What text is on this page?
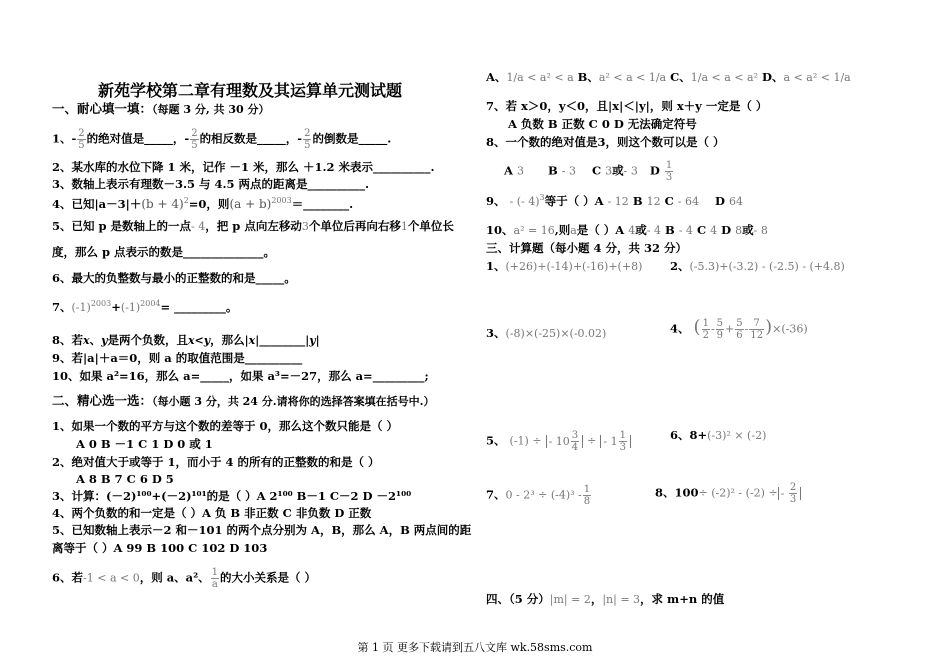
新苑学校第二章有理数及其运算单元测试题
一、耐心填一填：（每题 3 分, 共 30 分）
1、- $\frac{2}{5}$ 的绝对值是_____，- $\frac{2}{5}$ 的相反数是_____，- $\frac{2}{5}$ 的倒数是_____.
2、某水库的水位下降 1 米，记作 －1 米，那么 ＋1.2 米表示__________.
3、数轴上表示有理数－3.5 与 4.5 两点的距离是__________.
4、已知$|a-3|+(b + 4)^2=0$，则$(a + b)^{2003}=\_\_\_\_\_\_\_\_$.
5、已知 p 是数轴上的一点- 4，把 p 点向左移动3个单位后再向右移1个单位长
度，那么 p 点表示的数是______________。
6、最大的负整数与最小的正整数的和是_____。
7、$(-1)^{2003}+(-1)^{2004}=$ _________。
8、若x、y是两个负数，且x<y，那么|x|________|y|
9、若|a|＋a＝0，则 a 的取值范围是__________
10、如果 a²=16，那么 a=_____，如果 a³=－27，那么 a=_________;
二、精心选一选：（每小题 3 分，共 24 分.请将你的选择答案填在括号中.）
1、如果一个数的平方与这个数的差等于 0，那么这个数只能是（ ）
A 0 B －1 C 1 D 0 或 1
2、绝对值大于或等于 1，而小于 4 的所有的正整数的和是（ ）
A 8 B 7 C 6 D 5
3、计算：(－2)¹⁰⁰+(－2)¹⁰¹的是（ ）A 2¹⁰⁰ B－1 C－2 D －2¹⁰⁰
4、两个负数的和一定是（ ）A 负 B 非正数 C 非负数 D 正数
5、已知数轴上表示－2 和－101 的两个点分别为 A，B，那么 A，B 两点间的距
离等于（ ）A 99 B 100 C 102 D 103
6、若-1 < a < 0，则 a、a²、 $\frac{1}{a}$ 的大小关系是（ ）
A、1/a < a² < a B、a² < a < 1/a C、1/a < a < a² D、a < a² < 1/a
7、若 x＞0，y＜0，且|x|＜|y|，则 x＋y 一定是（ ）
A 负数 B 正数 C 0 D 无法确定符号
8、一个数的绝对值是3，则这个数可以是（ ）
A 3 B - 3 C 3或- 3 D $\frac{1}{3}$
9、 - (- 4)$^3$等于（ ）A - 12 B 12 C - 64 D 64
10、a² = 16,则a是（ ）A 4或- 4 B - 4 C 4 D 8或- 8
三、计算题（每小题 4 分，共 32 分）
1、(+26)+(-14)+(-16)+(+8) 2、(-5.3)+(-3.2) - (-2.5) - (+4.8)
3、(-8)×(-25)×(-0.02)	4、 ( $\frac{1}{2} - \frac{5}{9} + \frac{5}{6} - \frac{7}{12} )\times(-36)$
5、 (-1) ÷ - $10 \frac{3}{4}$ ÷ - $1 \frac{1}{3}$	6、8+(-3)² × (-2)
7、$0 - 2^3 \div (-4)^3 - \frac{1}{8}$	8、100÷ (-2)² - (-2) ÷ - $\frac{2}{3}$
四、（5 分）|m| = 2，|n| = 3，求 m+n 的值
第 1 页 更多下载请到五八文库 wk.58sms.com
